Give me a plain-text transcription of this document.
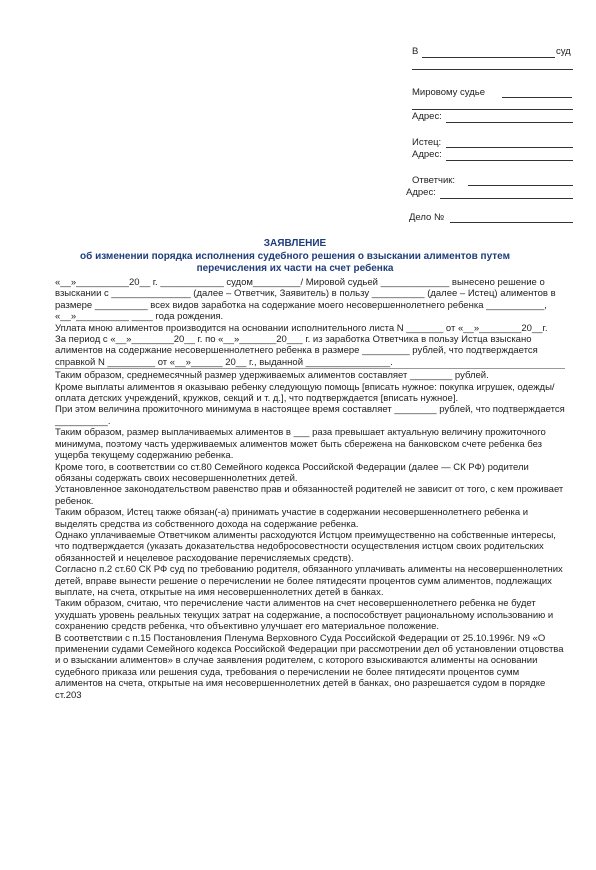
В	суд
Мировому судье
Адрес:
Истец:
Адрес:
Ответчик:
Адрес:
Дело №
ЗАЯВЛЕНИЕ
об изменении порядка исполнения судебного решения о взыскании алиментов путем
перечисления их части на счет ребенка

«__»__________20__ г. ____________ судом_________/ Мировой судьей _____________ вынесено решение о взыскании с _______________ (далее – Ответчик, Заявитель) в пользу __________ (далее – Истец) алиментов в размере __________ всех видов заработка на содержание моего несовершеннолетнего ребенка ___________, «__»__________ ____ года рождения.

Уплата мною алиментов производится на основании исполнительного листа N _______ от «__»________20__г.

За период с «__»________20__ г. по «__»_______20___ г. из заработка Ответчика в пользу Истца взыскано алиментов на содержание несовершеннолетнего ребенка в размере _________ рублей, что подтверждается справкой N _________ от «__»______ 20__ г., выданной ________________.

Таким образом, среднемесячный размер удерживаемых алиментов составляет ________ рублей.

Кроме выплаты алиментов я оказываю ребенку следующую помощь [вписать нужное: покупка игрушек, одежды/оплата детских учреждений, кружков, секций и т. д.], что подтверждается [вписать нужное].

При этом величина прожиточного минимума в настоящее время составляет ________ рублей, что подтверждается __________.

Таким образом, размер выплачиваемых алиментов в ___ раза превышает актуальную величину прожиточного минимума, поэтому часть удерживаемых алиментов может быть сбережена на банковском счете ребенка без ущерба текущему содержанию ребенка.

Кроме того, в соответствии со ст.80 Семейного кодекса Российской Федерации (далее — СК РФ) родители обязаны содержать своих несовершеннолетних детей.

Установленное законодательством равенство прав и обязанностей родителей не зависит от того, с кем проживает ребенок.

Таким образом, Истец также обязан(-а) принимать участие в содержании несовершеннолетнего ребенка и выделять средства из собственного дохода на содержание ребенка.

Однако уплачиваемые Ответчиком алименты расходуются Истцом преимущественно на собственные интересы, что подтверждается (указать доказательства недобросовестности осуществления истцом своих родительских обязанностей и нецелевое расходование перечисляемых средств).

Согласно п.2 ст.60 СК РФ суд по требованию родителя, обязанного уплачивать алименты на несовершеннолетних детей, вправе вынести решение о перечислении не более пятидесяти процентов сумм алиментов, подлежащих выплате, на счета, открытые на имя несовершеннолетних детей в банках.

Таким образом, считаю, что перечисление части алиментов на счет несовершеннолетнего ребенка не будет ухудшать уровень реальных текущих затрат на содержание, а поспособствует рациональному использованию и сохранению средств ребенка, что объективно улучшает его материальное положение.

В соответствии с п.15 Постановления Пленума Верховного Суда Российской Федерации от 25.10.1996г. N9 «О применении судами Семейного кодекса Российской Федерации при рассмотрении дел об установлении отцовства и о взыскании алиментов» в случае заявления родителем, с которого взыскиваются алименты на основании судебного приказа или решения суда, требования о перечислении не более пятидесяти процентов сумм алиментов на счета, открытые на имя несовершеннолетних детей в банках, оно разрешается судом в порядке ст.203
